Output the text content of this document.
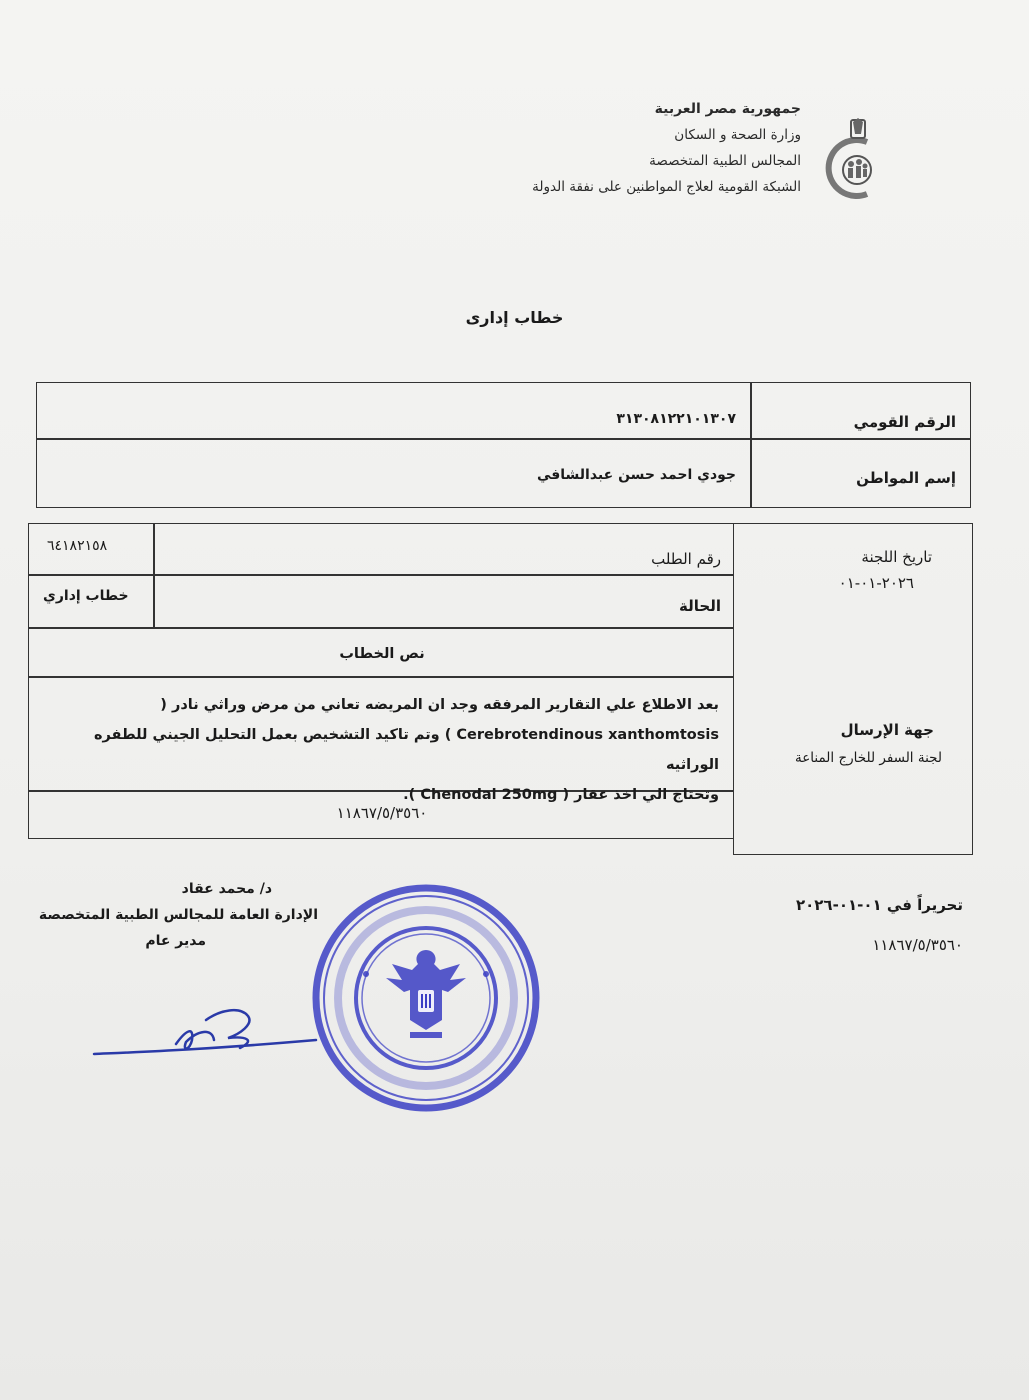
جمهورية مصر العربية
وزارة الصحة و السكان
المجالس الطبية المتخصصة
الشبكة القومية لعلاج المواطنين على نفقة الدولة
خطاب إدارى
الرقم القومي
٣١٣٠٨١٢٢١٠١٣٠٧
إسم المواطن
جودي احمد حسن عبدالشافي
تاريخ اللجنة
٢٠٢٦-٠١-٠١
جهة الإرسال
لجنة السفر للخارج المناعة
رقم الطلب
٦٤١٨٢١٥٨
الحالة
خطاب إداري
نص الخطاب
بعد الاطلاع علي التقارير المرفقه وجد ان المريضه تعاني من مرض وراثي نادر (
Cerebrotendinous xanthomtosis ) وتم تاكيد التشخيص بعمل التحليل الجيني للطفره الوراثيه
وتحتاج الي اخذ عقار ( Chenodal 250mg ).
١١٨٦٧/٥/٣٥٦٠
تحريراً في ٠١-٠١-٢٠٢٦
١١٨٦٧/٥/٣٥٦٠
د/ محمد عقاد
الإدارة العامة للمجالس الطبية المتخصصة
مدير عام
